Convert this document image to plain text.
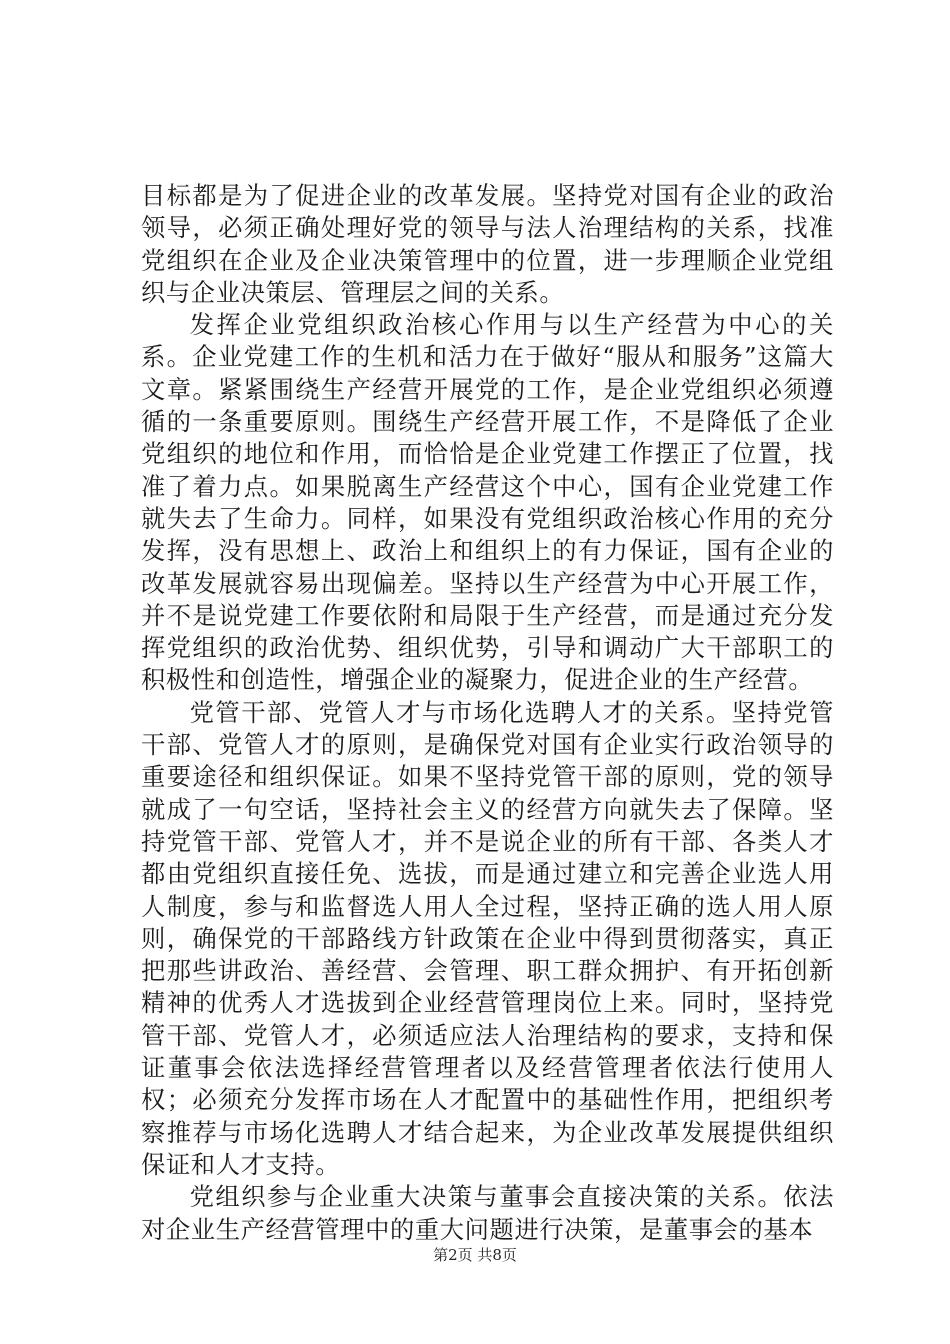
目标都是为了促进企业的改革发展。坚持党对国有企业的政治领导，必须正确处理好党的领导与法人治理结构的关系，找准党组织在企业及企业决策管理中的位置，进一步理顺企业党组织与企业决策层、管理层之间的关系。

发挥企业党组织政治核心作用与以生产经营为中心的关系。企业党建工作的生机和活力在于做好“服从和服务”这篇大文章。紧紧围绕生产经营开展党的工作，是企业党组织必须遵循的一条重要原则。围绕生产经营开展工作，不是降低了企业党组织的地位和作用，而恰恰是企业党建工作摆正了位置，找准了着力点。如果脱离生产经营这个中心，国有企业党建工作就失去了生命力。同样，如果没有党组织政治核心作用的充分发挥，没有思想上、政治上和组织上的有力保证，国有企业的改革发展就容易出现偏差。坚持以生产经营为中心开展工作，并不是说党建工作要依附和局限于生产经营，而是通过充分发挥党组织的政治优势、组织优势，引导和调动广大干部职工的积极性和创造性，增强企业的凝聚力，促进企业的生产经营。

党管干部、党管人才与市场化选聘人才的关系。坚持党管干部、党管人才的原则，是确保党对国有企业实行政治领导的重要途径和组织保证。如果不坚持党管干部的原则，党的领导就成了一句空话，坚持社会主义的经营方向就失去了保障。坚持党管干部、党管人才，并不是说企业的所有干部、各类人才都由党组织直接任免、选拔，而是通过建立和完善企业选人用人制度，参与和监督选人用人全过程，坚持正确的选人用人原则，确保党的干部路线方针政策在企业中得到贯彻落实，真正把那些讲政治、善经营、会管理、职工群众拥护、有开拓创新精神的优秀人才选拔到企业经营管理岗位上来。同时，坚持党管干部、党管人才，必须适应法人治理结构的要求，支持和保证董事会依法选择经营管理者以及经营管理者依法行使用人权；必须充分发挥市场在人才配置中的基础性作用，把组织考察推荐与市场化选聘人才结合起来，为企业改革发展提供组织保证和人才支持。

党组织参与企业重大决策与董事会直接决策的关系。依法对企业生产经营管理中的重大问题进行决策，是董事会的基本

第2页 共8页
